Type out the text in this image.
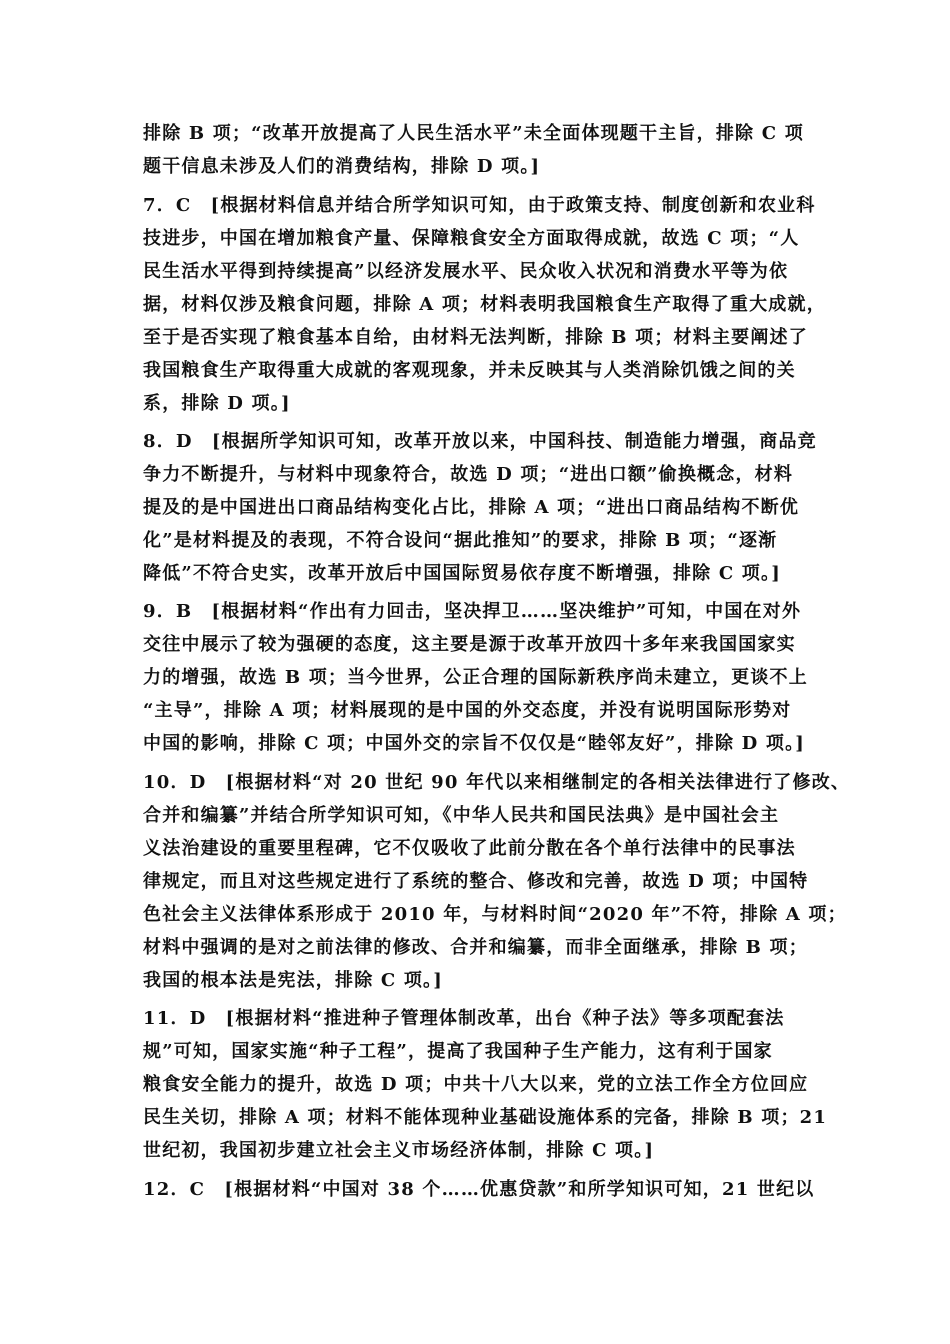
排除 B 项；“改革开放提高了人民生活水平”未全面体现题干主旨，排除 C 项
题干信息未涉及人们的消费结构，排除 D 项。]
7．C　[根据材料信息并结合所学知识可知，由于政策支持、制度创新和农业科
技进步，中国在增加粮食产量、保障粮食安全方面取得成就，故选 C 项；“人
民生活水平得到持续提高”以经济发展水平、民众收入状况和消费水平等为依
据，材料仅涉及粮食问题，排除 A 项；材料表明我国粮食生产取得了重大成就，
至于是否实现了粮食基本自给，由材料无法判断，排除 B 项；材料主要阐述了
我国粮食生产取得重大成就的客观现象，并未反映其与人类消除饥饿之间的关
系，排除 D 项。]
8．D　[根据所学知识可知，改革开放以来，中国科技、制造能力增强，商品竞
争力不断提升，与材料中现象符合，故选 D 项；“进出口额”偷换概念，材料
提及的是中国进出口商品结构变化占比，排除 A 项；“进出口商品结构不断优
化”是材料提及的表现，不符合设问“据此推知”的要求，排除 B 项；“逐渐
降低”不符合史实，改革开放后中国国际贸易依存度不断增强，排除 C 项。]
9．B　[根据材料“作出有力回击，坚决捍卫……坚决维护”可知，中国在对外
交往中展示了较为强硬的态度，这主要是源于改革开放四十多年来我国国家实
力的增强，故选 B 项；当今世界，公正合理的国际新秩序尚未建立，更谈不上
“主导”，排除 A 项；材料展现的是中国的外交态度，并没有说明国际形势对
中国的影响，排除 C 项；中国外交的宗旨不仅仅是“睦邻友好”，排除 D 项。]
10．D　[根据材料“对 20 世纪 90 年代以来相继制定的各相关法律进行了修改、
合并和编纂”并结合所学知识可知，《中华人民共和国民法典》是中国社会主
义法治建设的重要里程碑，它不仅吸收了此前分散在各个单行法律中的民事法
律规定，而且对这些规定进行了系统的整合、修改和完善，故选 D 项；中国特
色社会主义法律体系形成于 2010 年，与材料时间“2020 年”不符，排除 A 项；
材料中强调的是对之前法律的修改、合并和编纂，而非全面继承，排除 B 项；
我国的根本法是宪法，排除 C 项。]
11．D　[根据材料“推进种子管理体制改革，出台《种子法》等多项配套法
规”可知，国家实施“种子工程”，提高了我国种子生产能力，这有利于国家
粮食安全能力的提升，故选 D 项；中共十八大以来，党的立法工作全方位回应
民生关切，排除 A 项；材料不能体现种业基础设施体系的完备，排除 B 项；21
世纪初，我国初步建立社会主义市场经济体制，排除 C 项。]
12．C　[根据材料“中国对 38 个……优惠贷款”和所学知识可知，21 世纪以
